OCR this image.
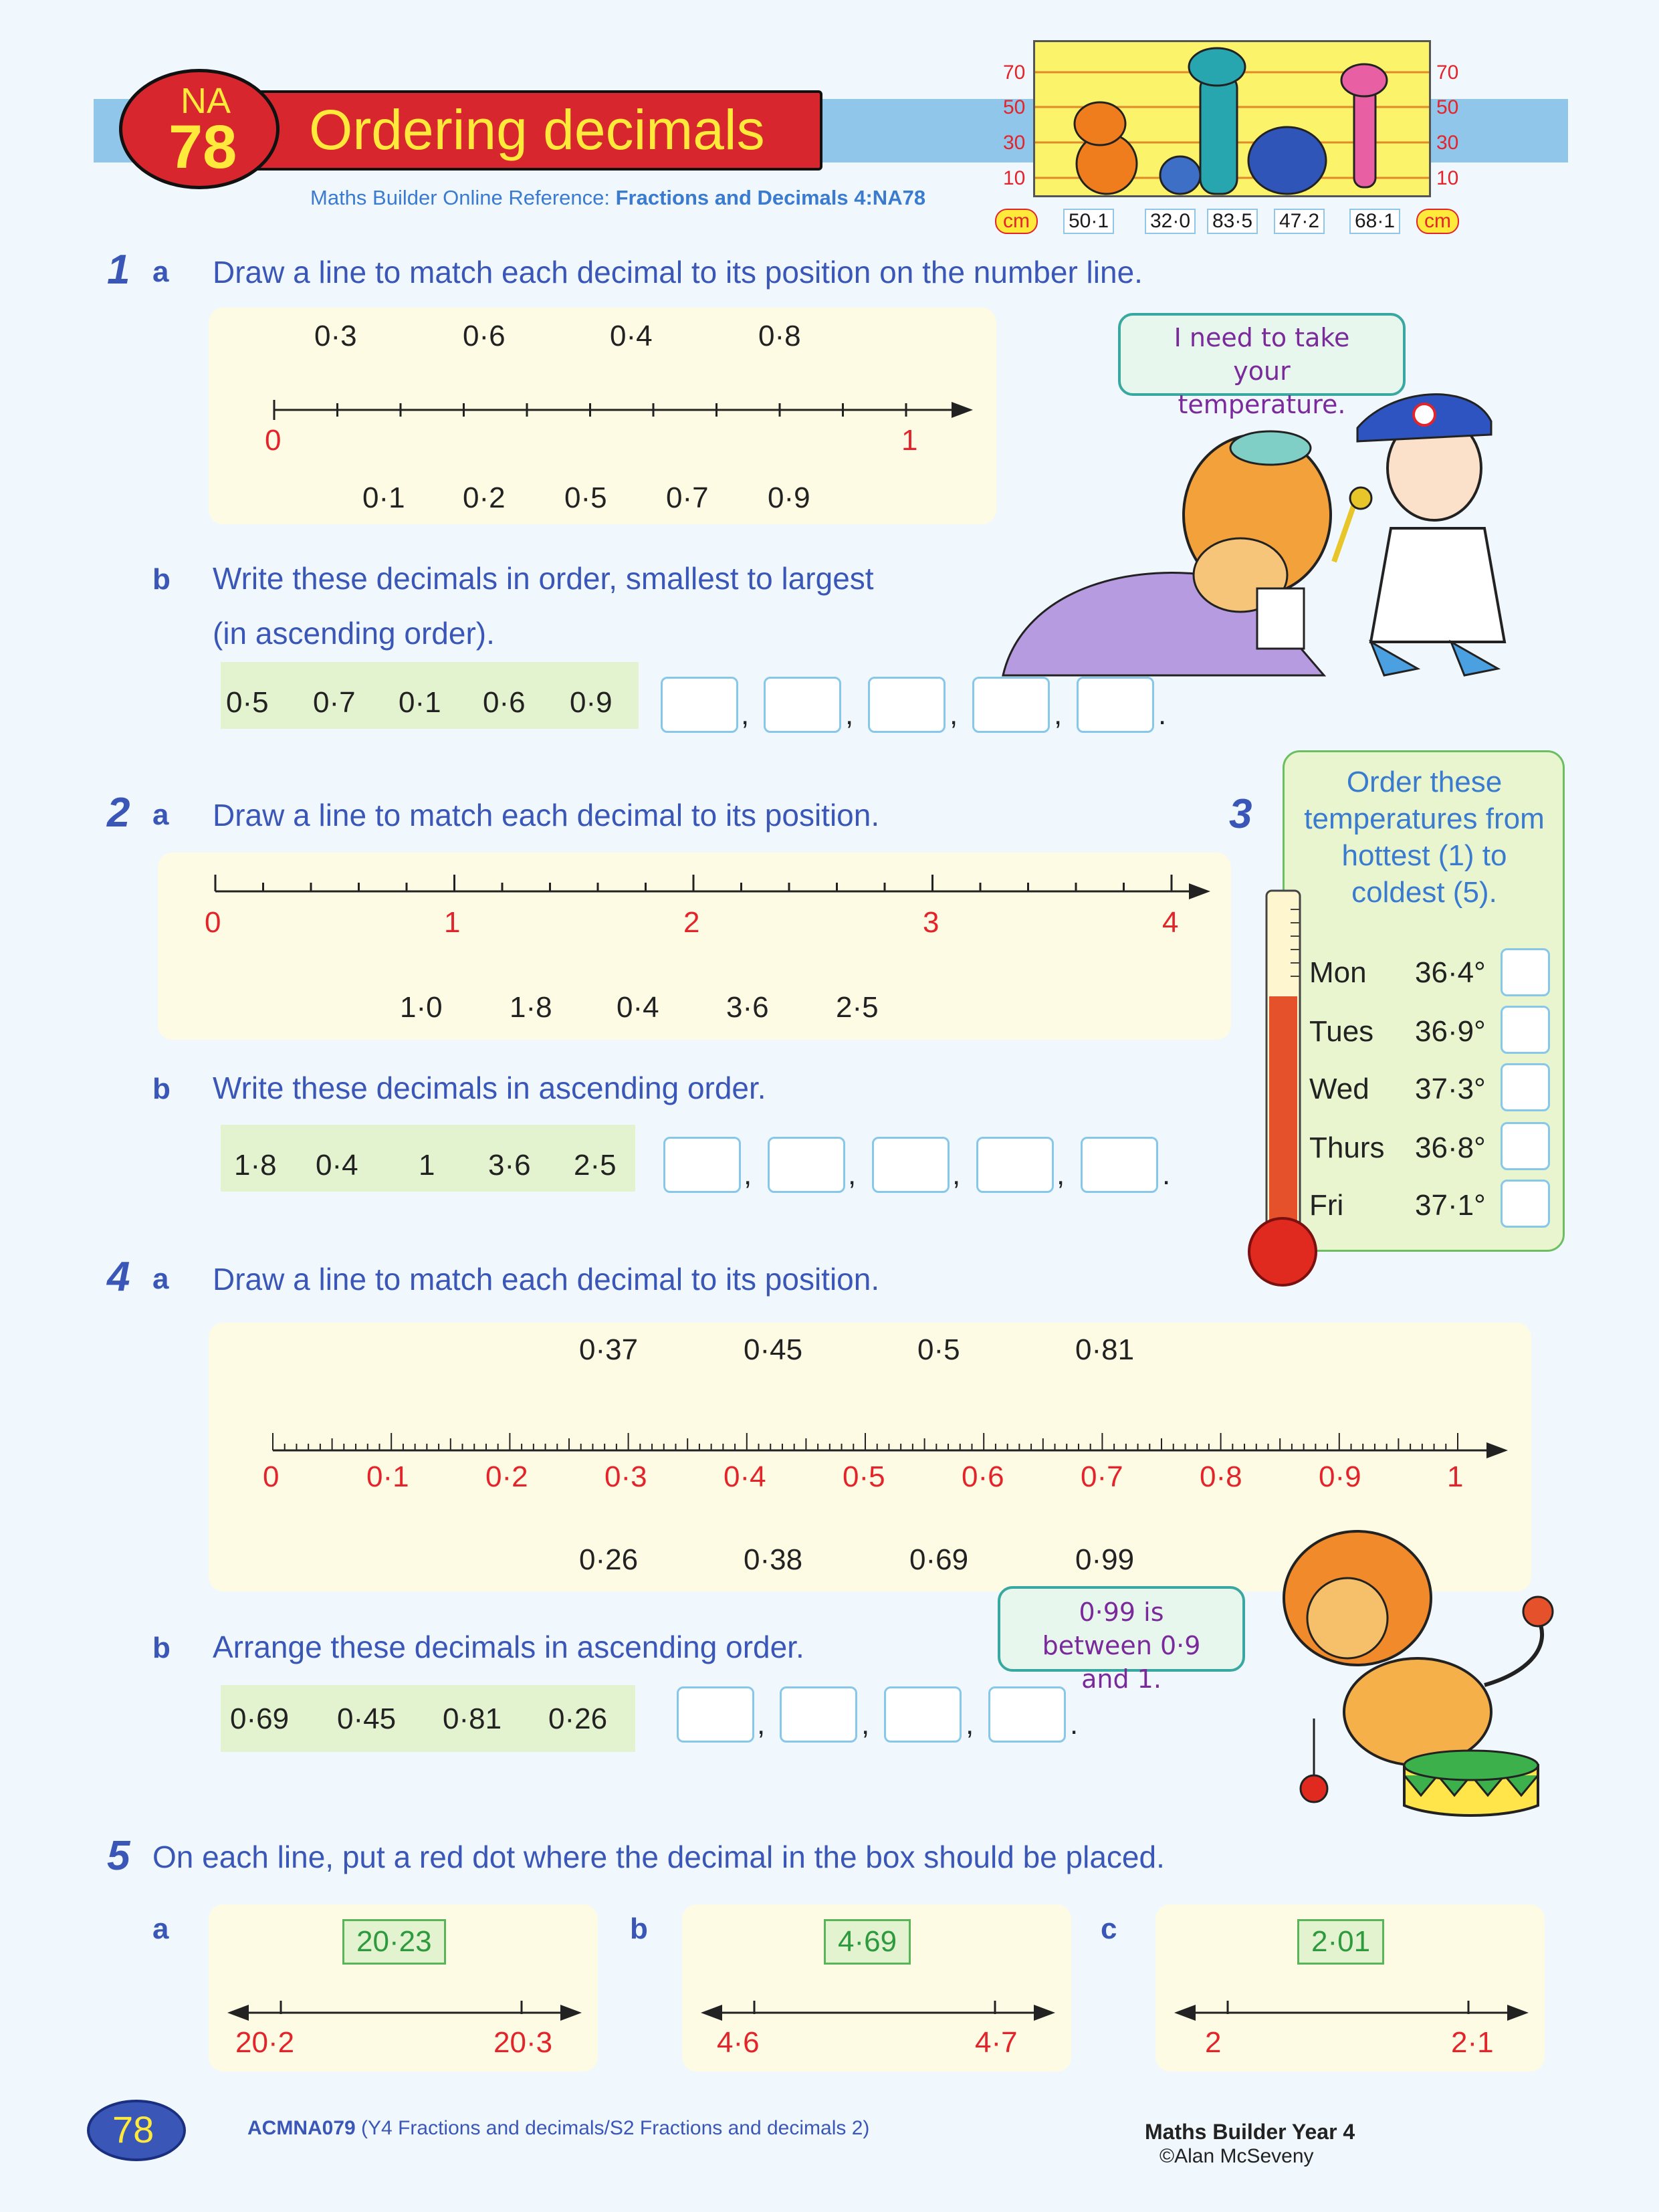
Ordering decimals
NA
78
Maths Builder Online Reference: Fractions and Decimals 4:NA78
70
50
30
10
70
50
30
10
cm	cm
50·1 32·0 83·5 47·2 68·1
1 a Draw a line to match each decimal to its position on the number line.
0·3	0·6	0·4	0·8
0·1 0·2 0·5 0·7 0·9
0	1
b Write these decimals in order, smallest to largest
(in ascending order).
0·5 0·7 0·1 0·6 0·9	,	,	,	,	.
I need to take your temperature.
2 a Draw a line to match each decimal to its position.
0	1	2	3	4
1·0 1·8 0·4 3·6 2·5
b Write these decimals in ascending order.
1·8 0·4 1 3·6 2·5	,	,	,	,	.
3
Order these temperatures from hottest (1) to coldest (5).
Mon 36·4°
Tues 36·9°
Wed 37·3°
Thurs 36·8°
Fri 37·1°
4 a Draw a line to match each decimal to its position.
0·37	0·45	0·5	0·81
0·26	0·38	0·69	0·99
0	0·1	0·2	0·3	0·4	0·5	0·6	0·7	0·8	0·9	1
b Arrange these decimals in ascending order.
0·69 0·45 0·81 0·26	,	,	,	.
0·99 is between 0·9 and 1.
5 On each line, put a red dot where the decimal in the box should be placed.
a	20·23
20·2	20·3
b	4·69
4·6	4·7
c	2·01
2	2·1
78	ACMNA079 (Y4 Fractions and decimals/S2 Fractions and decimals 2)	Maths Builder Year 4
©Alan McSeveny
